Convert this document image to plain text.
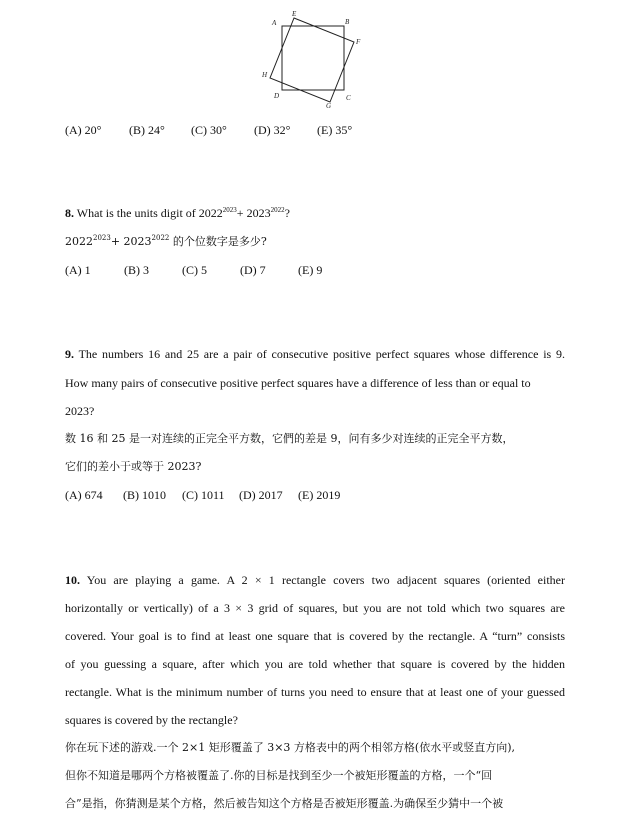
A
E
B
F
H
D
G
C
(A) 20° (B) 24° (C) 30° (D) 32° (E) 35°
8. What is the units digit of $2022^{2023}+ 2023^{2022}$?
$2022^{2023}+ 2023^{2022}$ 的个位数字是多少?
(A) 1	(B) 3	(C) 5	(D) 7	(E) 9
9. The numbers 16 and 25 are a pair of consecutive positive perfect squares whose difference is 9.
How many pairs of consecutive positive perfect squares have a difference of less than or equal to
2023?
数 16 和 25 是一对连续的正完全平方数，它們的差是 9，问有多少对连续的正完全平方数，
它们的差小于或等于 2023?
(A) 674 (B) 1010 (C) 1011 (D) 2017 (E) 2019
10. You are playing a game. A 2 × 1 rectangle covers two adjacent squares (oriented either
horizontally or vertically) of a 3 × 3 grid of squares, but you are not told which two squares are
covered. Your goal is to find at least one square that is covered by the rectangle. A “turn” consists
of you guessing a square, after which you are told whether that square is covered by the hidden
rectangle. What is the minimum number of turns you need to ensure that at least one of your guessed
squares is covered by the rectangle?
你在玩下述的游戏.一个 2×1 矩形覆盖了 3×3 方格表中的两个相邻方格(依水平或竖直方向),
但你不知道是哪两个方格被覆盖了.你的目标是找到至少一个被矩形覆盖的方格，一个“回
合”是指，你猜测是某个方格，然后被告知这个方格是否被矩形覆盖.为确保至少猜中一个被
